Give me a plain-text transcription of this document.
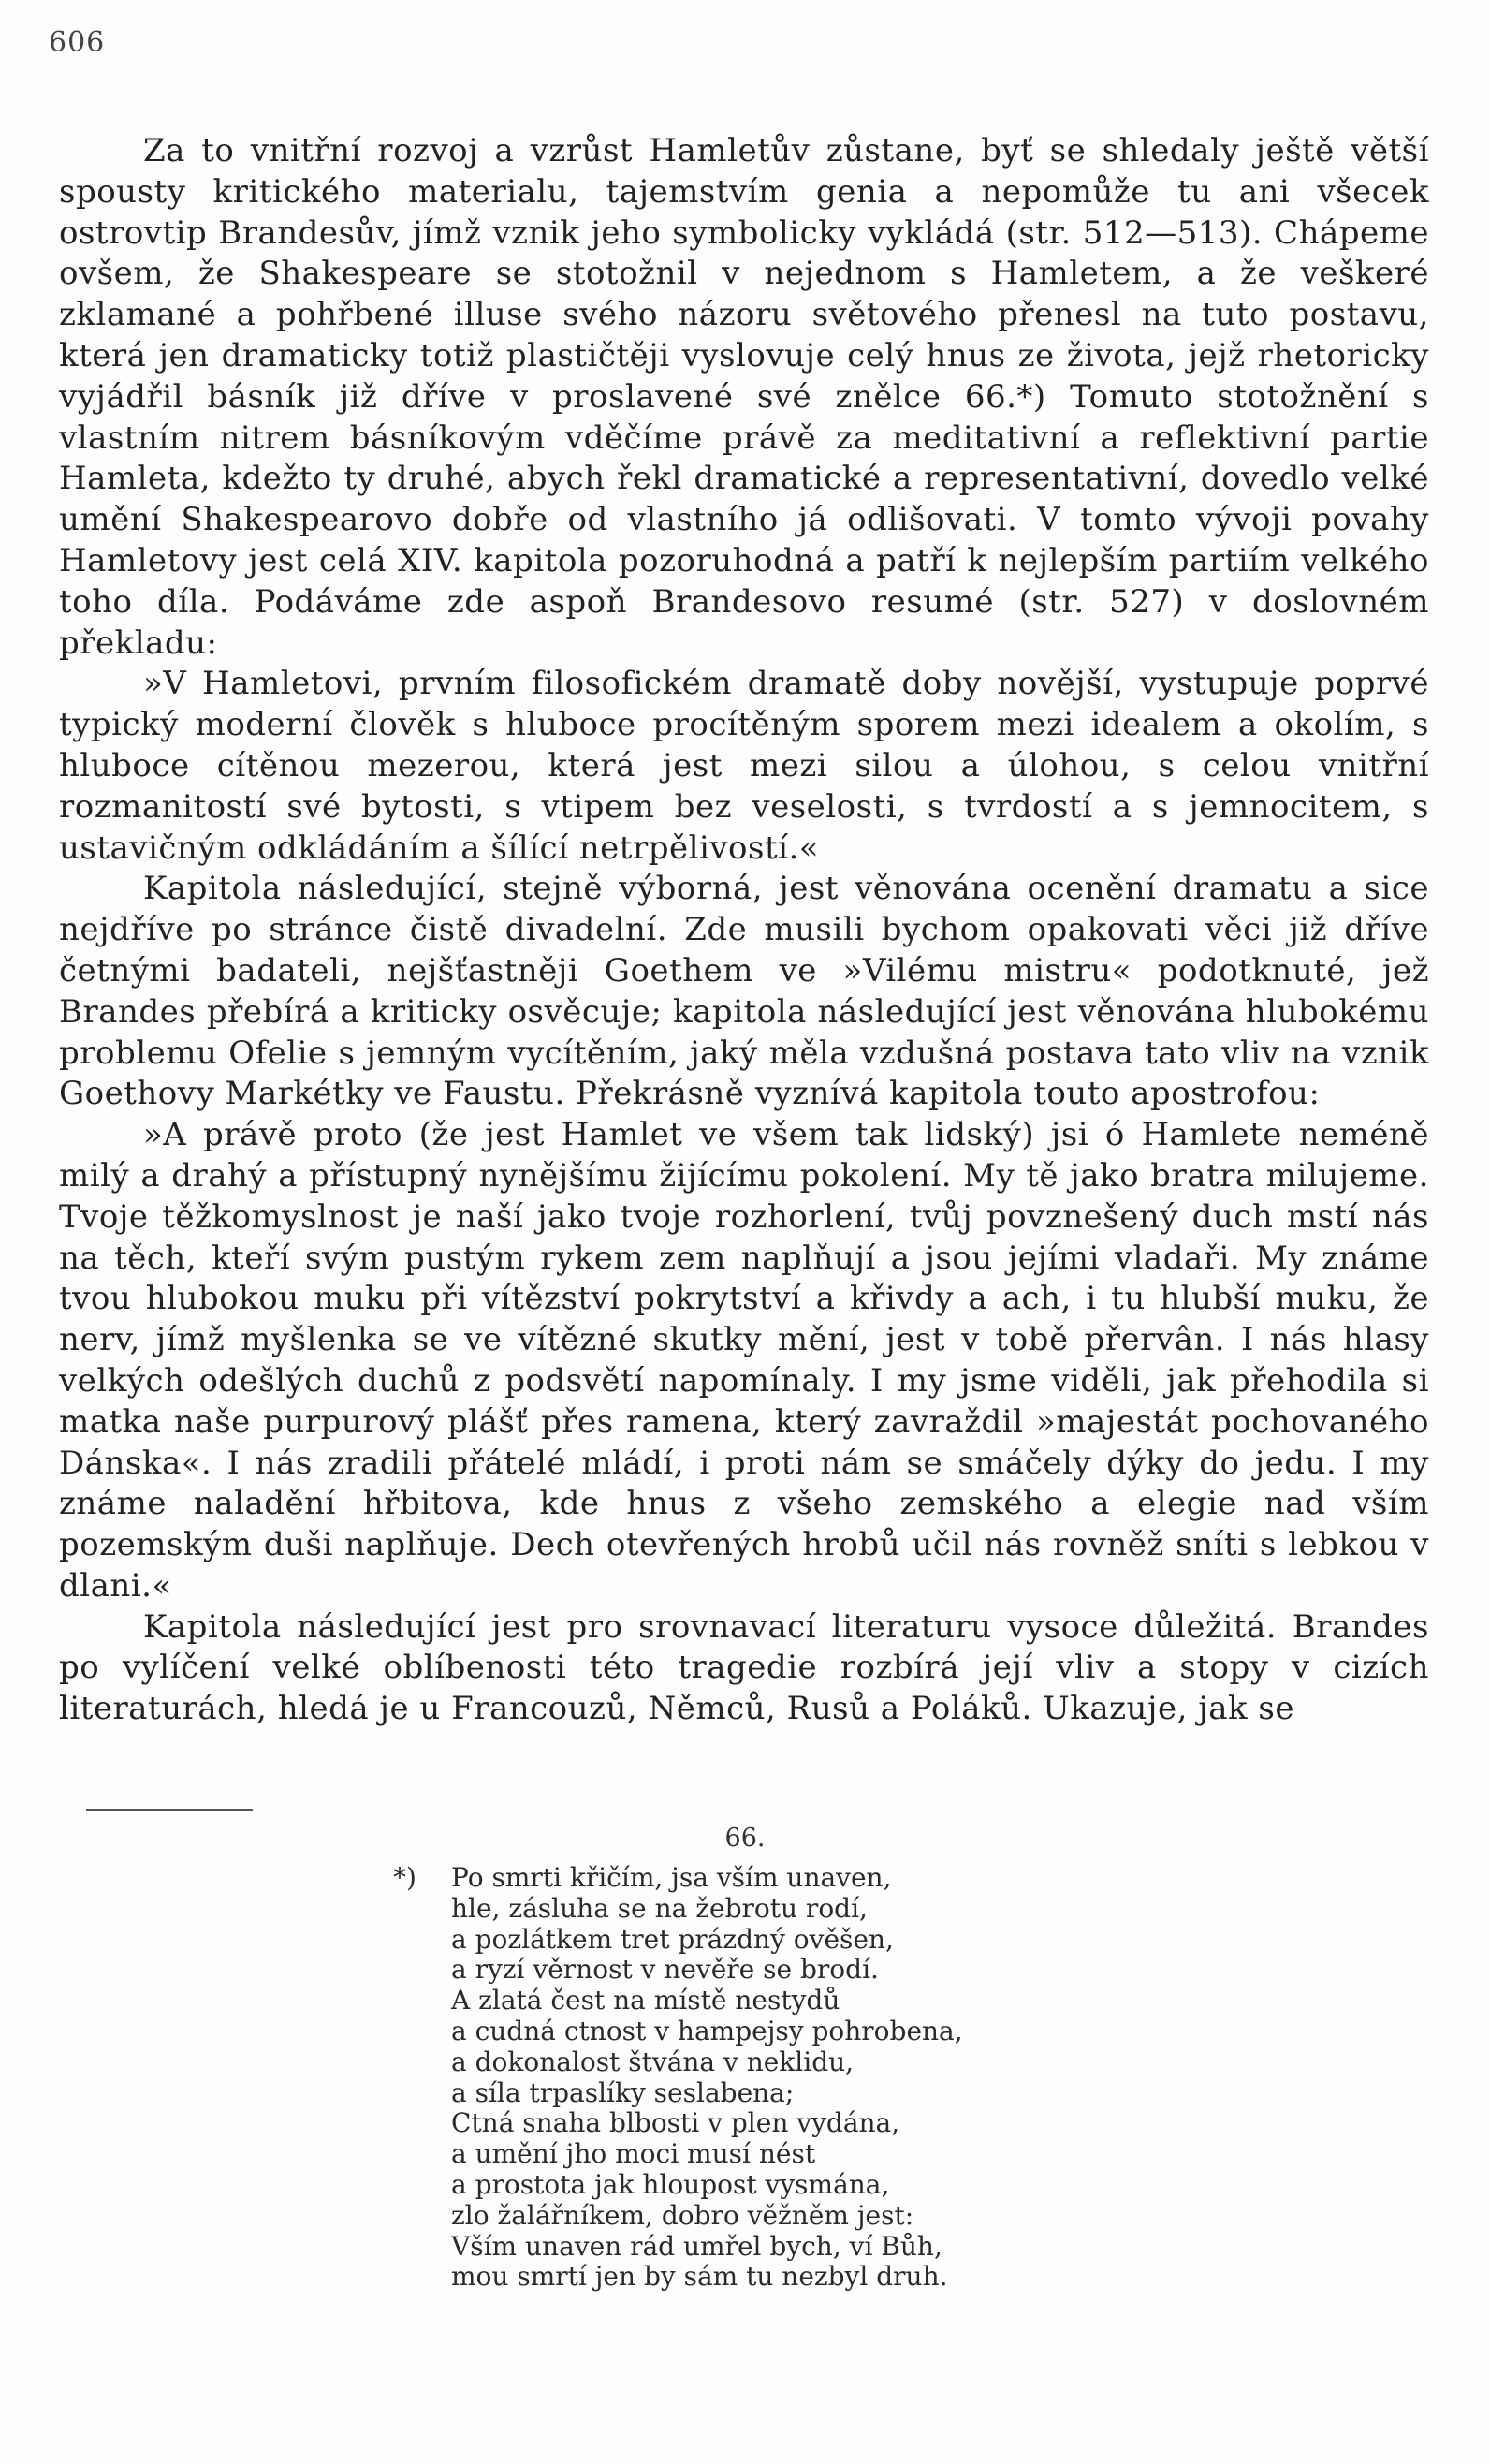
606

Za to vnitřní rozvoj a vzrůst Hamletův zůstane, byť se shledaly ještě větší spousty kritického materialu, tajemstvím genia a nepomůže tu ani všecek ostrovtip Brandesův, jímž vznik jeho symbolicky vykládá (str. 512—513). Chápeme ovšem, že Shakespeare se stotožnil v nejednom s Hamletem, a že veškeré zklamané a pohřbené illuse svého názoru světového přenesl na tuto postavu, která jen dramaticky totiž plastičtěji vyslovuje celý hnus ze života, jejž rhetoricky vyjádřil básník již dříve v proslavené své znělce 66.*) Tomuto stotožnění s vlastním nitrem básníkovým vděčíme právě za meditativní a reflektivní partie Hamleta, kdežto ty druhé, abych řekl dramatické a representativní, dovedlo velké umění Shakespearovo dobře od vlastního já odlišovati. V tomto vývoji povahy Hamletovy jest celá XIV. kapitola pozoruhodná a patří k nejlepším partiím velkého toho díla. Podáváme zde aspoň Brandesovo resumé (str. 527) v doslovném překladu:

»V Hamletovi, prvním filosofickém dramatě doby novější, vystupuje poprvé typický moderní člověk s hluboce procítěným sporem mezi idealem a okolím, s hluboce cítěnou mezerou, která jest mezi silou a úlohou, s celou vnitřní rozmanitostí své bytosti, s vtipem bez veselosti, s tvrdostí a s jemnocitem, s ustavičným odkládáním a šílící netrpělivostí.«

Kapitola následující, stejně výborná, jest věnována ocenění dramatu a sice nejdříve po stránce čistě divadelní. Zde musili bychom opakovati věci již dříve četnými badateli, nejšťastněji Goethem ve »Vilému mistru« podotknuté, jež Brandes přebírá a kriticky osvěcuje; kapitola následující jest věnována hlubokému problemu Ofelie s jemným vycítěním, jaký měla vzdušná postava tato vliv na vznik Goethovy Markétky ve Faustu. Překrásně vyznívá kapitola touto apostrofou:

»A právě proto (že jest Hamlet ve všem tak lidský) jsi ó Hamlete neméně milý a drahý a přístupný nynějšímu žijícímu pokolení. My tě jako bratra milujeme. Tvoje těžkomyslnost je naší jako tvoje rozhorlení, tvůj povznešený duch mstí nás na těch, kteří svým pustým rykem zem naplňují a jsou jejími vladaři. My známe tvou hlubokou muku při vítězství pokrytství a křivdy a ach, i tu hlubší muku, že nerv, jímž myšlenka se ve vítězné skutky mění, jest v tobě přervân. I nás hlasy velkých odešlých duchů z podsvětí napomínaly. I my jsme viděli, jak přehodila si matka naše purpurový plášť přes ramena, který zavraždil »majestát pochovaného Dánska«. I nás zradili přátelé mládí, i proti nám se smáčely dýky do jedu. I my známe naladění hřbitova, kde hnus z všeho zemského a elegie nad vším pozemským duši naplňuje. Dech otevřených hrobů učil nás rovněž sníti s lebkou v dlani.«

Kapitola následující jest pro srovnavací literaturu vysoce důležitá. Brandes po vylíčení velké oblíbenosti této tragedie rozbírá její vliv a stopy v cizích literaturách, hledá je u Francouzů, Němců, Rusů a Poláků. Ukazuje, jak se

66.
*)	Po smrti křičím, jsa vším unaven,
hle, zásluha se na žebrotu rodí,
a pozlátkem tret prázdný ověšen,
a ryzí věrnost v nevěře se brodí.
A zlatá čest na místě nestydů
a cudná ctnost v hampejsy pohrobena,
a dokonalost štvána v neklidu,
a síla trpaslíky seslabena;
Ctná snaha blbosti v plen vydána,
a umění jho moci musí nést
a prostota jak hloupost vysmána,
zlo žalářníkem, dobro věžněm jest:
Vším unaven rád umřel bych, ví Bůh,
mou smrtí jen by sám tu nezbyl druh.
